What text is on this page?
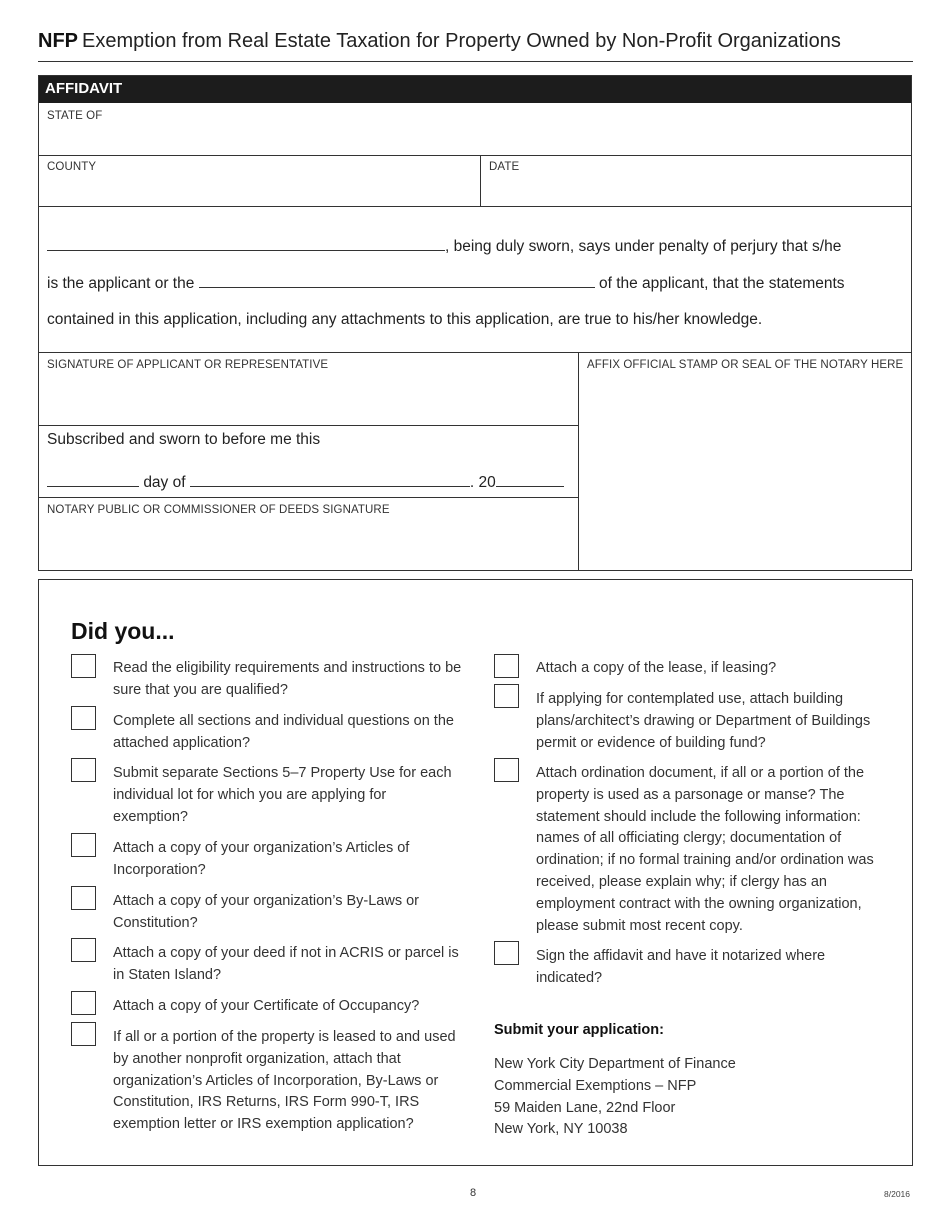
NFP Exemption from Real Estate Taxation for Property Owned by Non-Profit Organizations
AFFIDAVIT
STATE OF
COUNTY	DATE
, being duly sworn, says under penalty of perjury that s/he
is the applicant or the	of the applicant, that the statements
contained in this application, including any attachments to this application, are true to his/her knowledge.
SIGNATURE OF APPLICANT OR REPRESENTATIVE	AFFIX OFFICIAL STAMP OR SEAL OF THE NOTARY HERE
Subscribed and sworn to before me this
day of	. 20
NOTARY PUBLIC OR COMMISSIONER OF DEEDS SIGNATURE
Did you...
Read the eligibility requirements and instructions to be sure that you are qualified?
Complete all sections and individual questions on the attached application?
Submit separate Sections 5–7 Property Use for each individual lot for which you are applying for exemption?
Attach a copy of your organization’s Articles of Incorporation?
Attach a copy of your organization’s By-Laws or Constitution?
Attach a copy of your deed if not in ACRIS or parcel is in Staten Island?
Attach a copy of your Certificate of Occupancy?
If all or a portion of the property is leased to and used by another nonprofit organization, attach that organization’s Articles of Incorporation, By-Laws or Constitution, IRS Returns, IRS Form 990-T, IRS exemption letter or IRS exemption application?
Attach a copy of the lease, if leasing?
If applying for contemplated use, attach building plans/architect’s drawing or Department of Buildings permit or evidence of building fund?
Attach ordination document, if all or a portion of the property is used as a parsonage or manse? The statement should include the following information: names of all officiating clergy; documentation of ordination; if no formal training and/or ordination was received, please explain why; if clergy has an employment contract with the owning organization, please submit most recent copy.
Sign the affidavit and have it notarized where indicated?
Submit your application:
New York City Department of Finance
Commercial Exemptions – NFP
59 Maiden Lane, 22nd Floor
New York, NY 10038
8	8/2016
